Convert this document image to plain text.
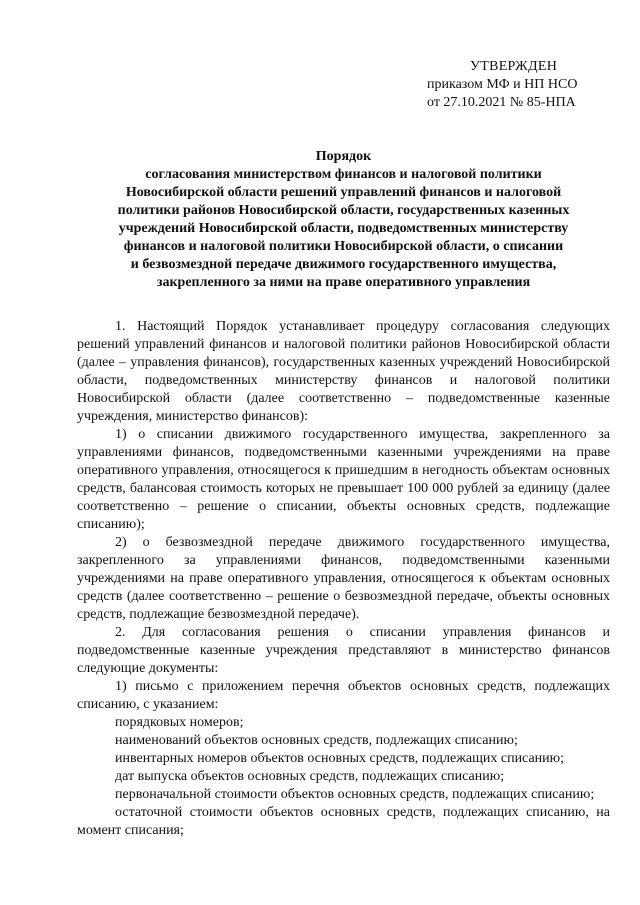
УТВЕРЖДЕН
приказом МФ и НП НСО
от 27.10.2021 № 85-НПА
Порядок
согласования министерством финансов и налоговой политики
Новосибирской области решений управлений финансов и налоговой
политики районов Новосибирской области, государственных казенных
учреждений Новосибирской области, подведомственных министерству
финансов и налоговой политики Новосибирской области, о списании
и безвозмездной передаче движимого государственного имущества,
закрепленного за ними на праве оперативного управления

1. Настоящий Порядок устанавливает процедуру согласования следующих решений управлений финансов и налоговой политики районов Новосибирской области (далее – управления финансов), государственных казенных учреждений Новосибирской области, подведомственных министерству финансов и налоговой политики Новосибирской области (далее соответственно – подведомственные казенные учреждения, министерство финансов):

1) о списании движимого государственного имущества, закрепленного за управлениями финансов, подведомственными казенными учреждениями на праве оперативного управления, относящегося к пришедшим в негодность объектам основных средств, балансовая стоимость которых не превышает 100 000 рублей за единицу (далее соответственно – решение о списании, объекты основных средств, подлежащие списанию);

2) о безвозмездной передаче движимого государственного имущества, закрепленного за управлениями финансов, подведомственными казенными учреждениями на праве оперативного управления, относящегося к объектам основных средств (далее соответственно – решение о безвозмездной передаче, объекты основных средств, подлежащие безвозмездной передаче).

2. Для согласования решения о списании управления финансов и подведомственные казенные учреждения представляют в министерство финансов следующие документы:

1) письмо с приложением перечня объектов основных средств, подлежащих списанию, с указанием:

порядковых номеров;

наименований объектов основных средств, подлежащих списанию;

инвентарных номеров объектов основных средств, подлежащих списанию;

дат выпуска объектов основных средств, подлежащих списанию;

первоначальной стоимости объектов основных средств, подлежащих списанию;

остаточной стоимости объектов основных средств, подлежащих списанию, на момент списания;
